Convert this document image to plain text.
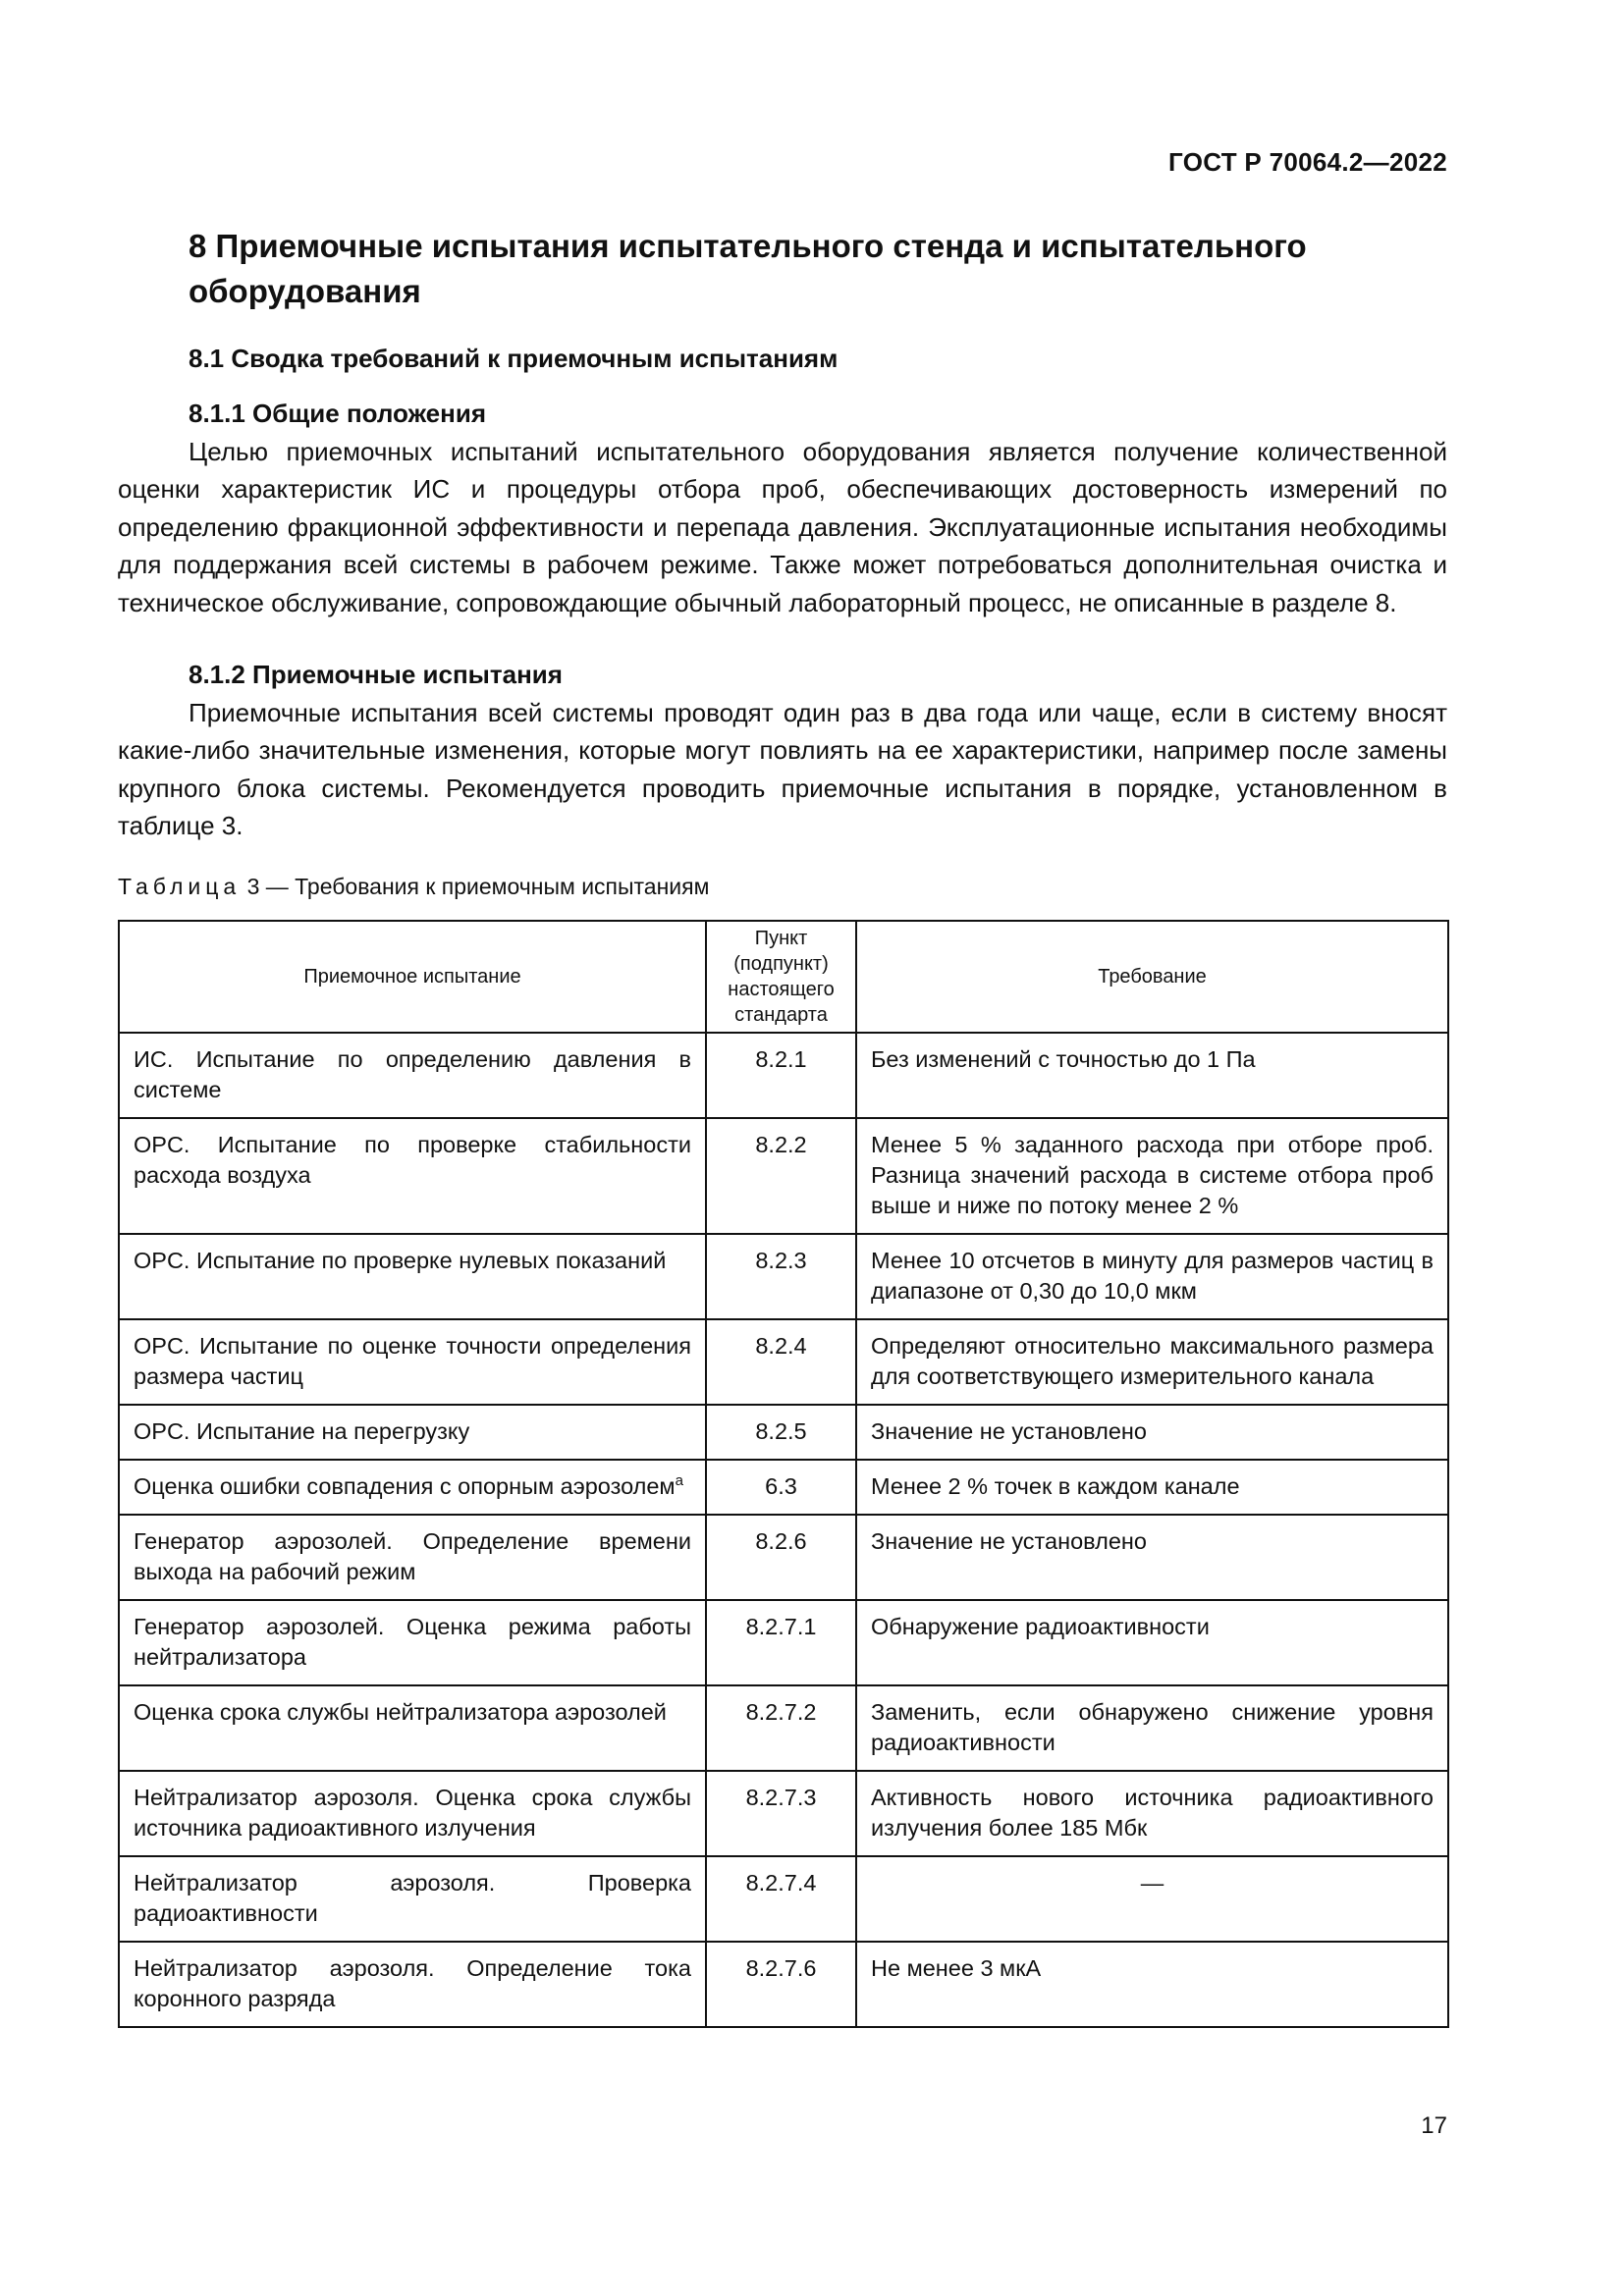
ГОСТ Р 70064.2—2022
8 Приемочные испытания испытательного стенда и испытательного оборудования
8.1 Сводка требований к приемочным испытаниям

8.1.1 Общие положения

Целью приемочных испытаний испытательного оборудования является получение количественной оценки характеристик ИС и процедуры отбора проб, обеспечивающих достоверность измерений по определению фракционной эффективности и перепада давления. Эксплуатационные испытания необходимы для поддержания всей системы в рабочем режиме. Также может потребоваться дополнительная очистка и техническое обслуживание, сопровождающие обычный лабораторный процесс, не описанные в разделе 8.

8.1.2 Приемочные испытания

Приемочные испытания всей системы проводят один раз в два года или чаще, если в систему вносят какие-либо значительные изменения, которые могут повлиять на ее характеристики, например после замены крупного блока системы. Рекомендуется проводить приемочные испытания в порядке, установленном в таблице 3.

Таблица 3 — Требования к приемочным испытаниям
Приемочное испытание	Пункт (подпункт) настоящего стандарта	Требование
ИС. Испытание по определению давления в системе	8.2.1	Без изменений с точностью до 1 Па
OPC. Испытание по проверке стабильности расхода воздуха	8.2.2	Менее 5 % заданного расхода при отборе проб. Разница значений расхода в системе отбора проб выше и ниже по потоку менее 2 %
OPC. Испытание по проверке нулевых показаний	8.2.3	Менее 10 отсчетов в минуту для размеров частиц в диапазоне от 0,30 до 10,0 мкм
OPC. Испытание по оценке точности определения размера частиц	8.2.4	Определяют относительно максимального размера для соответствующего измерительного канала
OPC. Испытание на перегрузку	8.2.5	Значение не установлено
Оценка ошибки совпадения с опорным аэрозолем$^а$	6.3	Менее 2 % точек в каждом канале
Генератор аэрозолей. Определение времени выхода на рабочий режим	8.2.6	Значение не установлено
Генератор аэрозолей. Оценка режима работы нейтрализатора	8.2.7.1	Обнаружение радиоактивности
Оценка срока службы нейтрализатора аэрозолей	8.2.7.2	Заменить, если обнаружено снижение уровня радиоактивности
Нейтрализатор аэрозоля. Оценка срока службы источника радиоактивного излучения	8.2.7.3	Активность нового источника радиоактивного излучения более 185 Мбк
Нейтрализатор аэрозоля. Проверка радиоактивности	8.2.7.4	—
Нейтрализатор аэрозоля. Определение тока коронного разряда	8.2.7.6	Не менее 3 мкА
17
